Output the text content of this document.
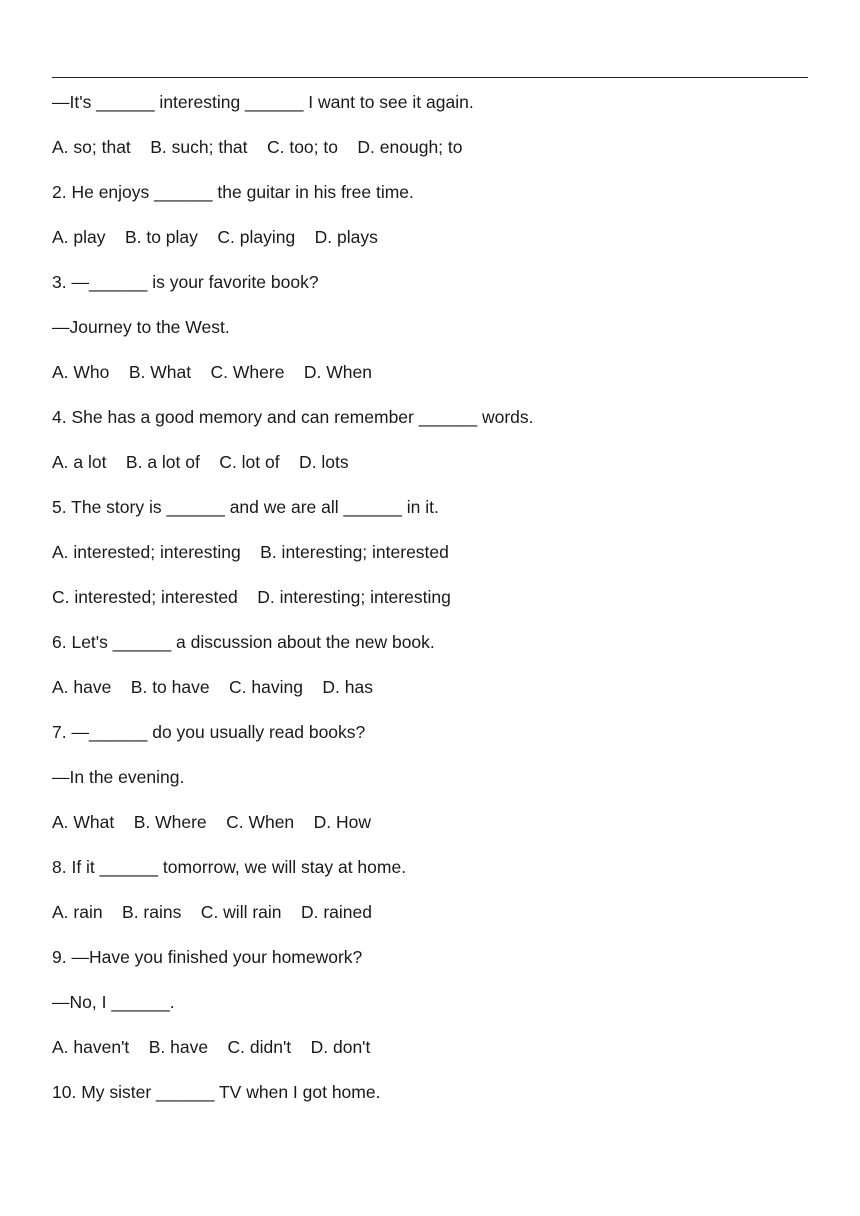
—It's ______ interesting ______ I want to see it again.
A. so; that    B. such; that    C. too; to    D. enough; to
2. He enjoys ______ the guitar in his free time.
A. play    B. to play    C. playing    D. plays
3. —______ is your favorite book?
—Journey to the West.
A. Who    B. What    C. Where    D. When
4. She has a good memory and can remember ______ words.
A. a lot    B. a lot of    C. lot of    D. lots
5. The story is ______ and we are all ______ in it.
A. interested; interesting    B. interesting; interested
C. interested; interested    D. interesting; interesting
6. Let's ______ a discussion about the new book.
A. have    B. to have    C. having    D. has
7. —______ do you usually read books?
—In the evening.
A. What    B. Where    C. When    D. How
8. If it ______ tomorrow, we will stay at home.
A. rain    B. rains    C. will rain    D. rained
9. —Have you finished your homework?
—No, I ______.
A. haven't    B. have    C. didn't    D. don't
10. My sister ______ TV when I got home.
